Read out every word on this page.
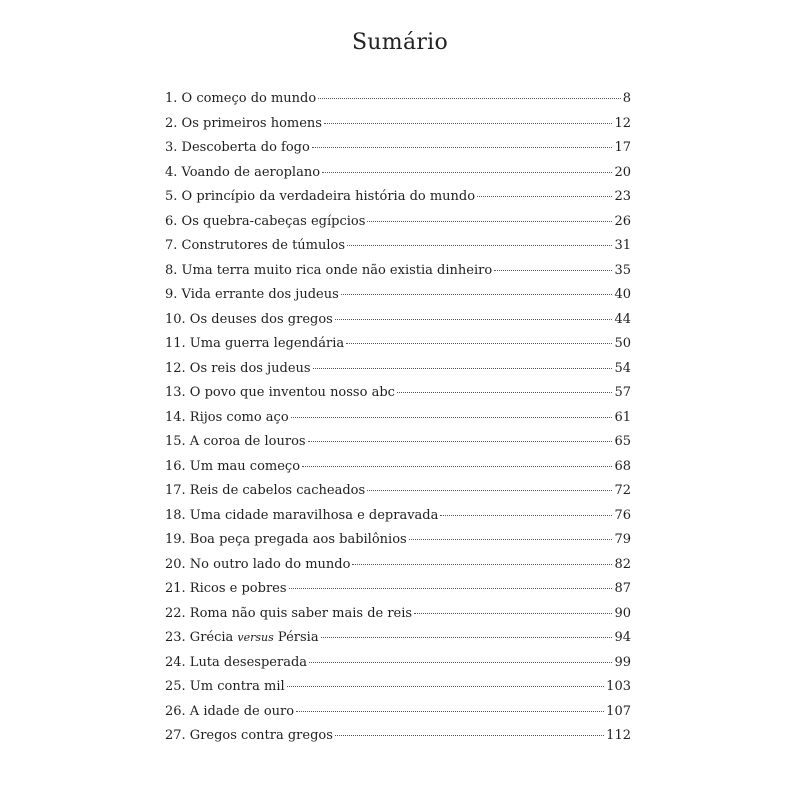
Sumário
1. O começo do mundo	8
2. Os primeiros homens	12
3. Descoberta do fogo	17
4. Voando de aeroplano	20
5. O princípio da verdadeira história do mundo	23
6. Os quebra-cabeças egípcios	26
7. Construtores de túmulos	31
8. Uma terra muito rica onde não existia dinheiro	35
9. Vida errante dos judeus	40
10. Os deuses dos gregos	44
11. Uma guerra legendária	50
12. Os reis dos judeus	54
13. O povo que inventou nosso abc	57
14. Rijos como aço	61
15. A coroa de louros	65
16. Um mau começo	68
17. Reis de cabelos cacheados	72
18. Uma cidade maravilhosa e depravada	76
19. Boa peça pregada aos babilônios	79
20. No outro lado do mundo	82
21. Ricos e pobres	87
22. Roma não quis saber mais de reis	90
23. Grécia versus Pérsia	94
24. Luta desesperada	99
25. Um contra mil	103
26. A idade de ouro	107
27. Gregos contra gregos	112
